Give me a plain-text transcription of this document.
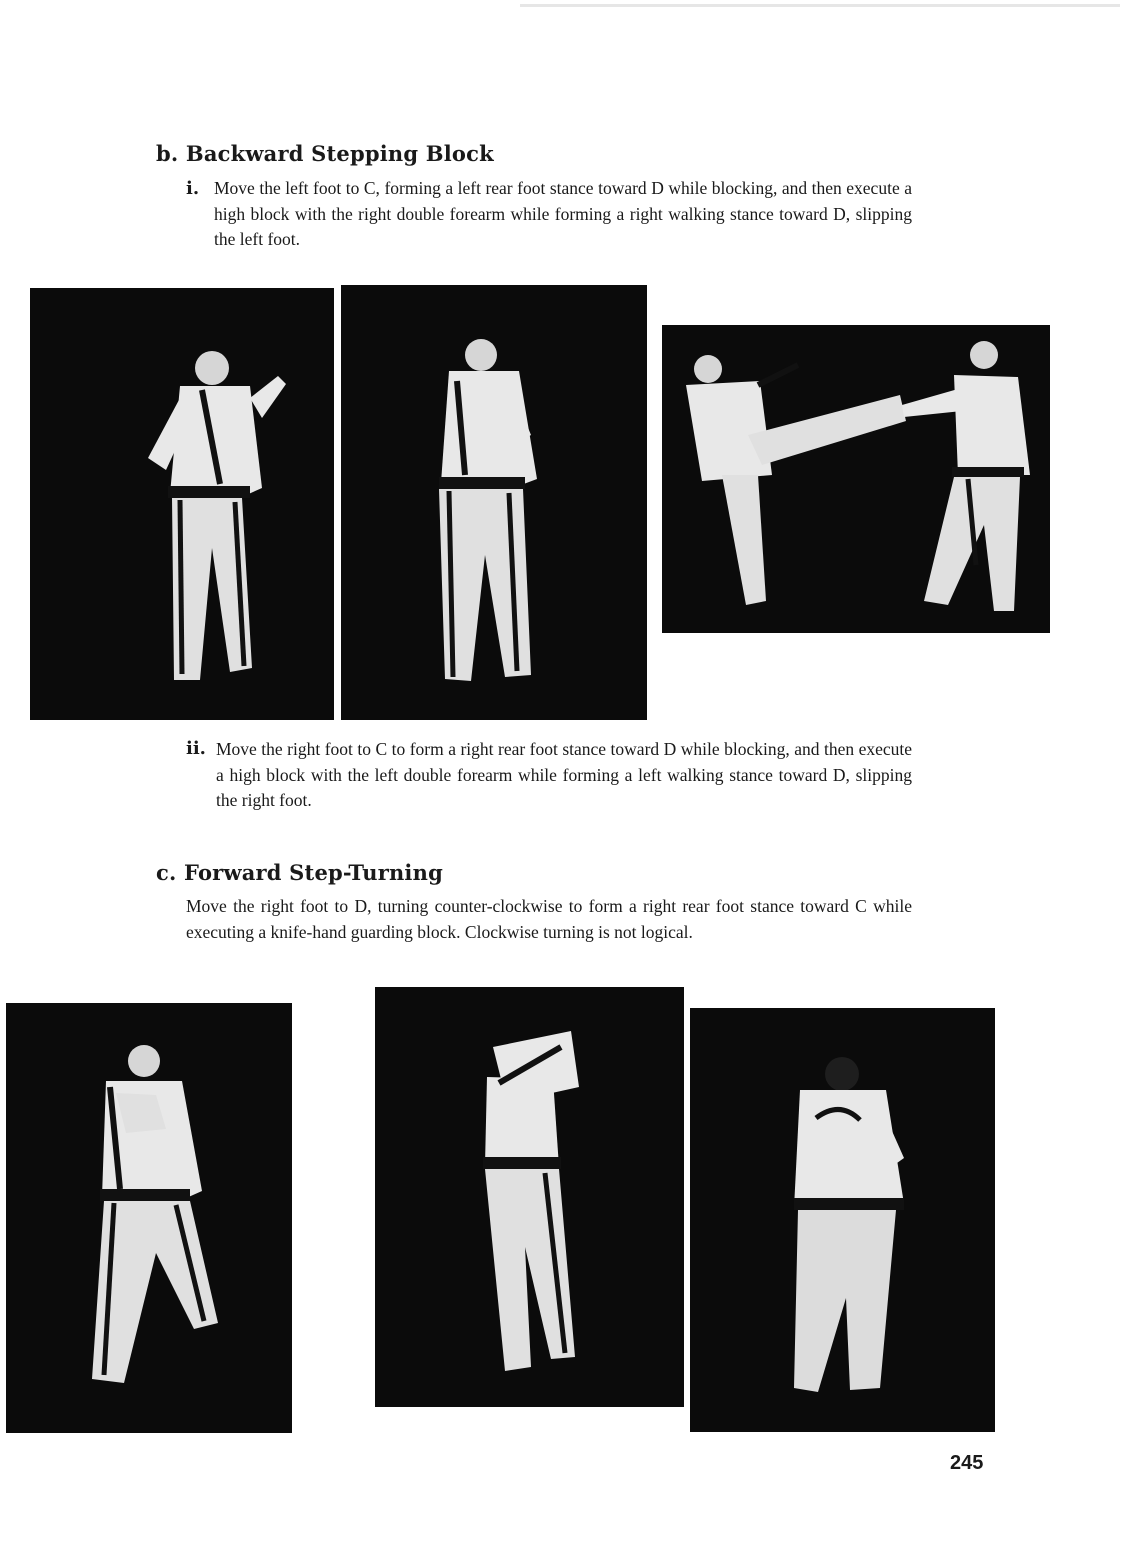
b. Backward Stepping Block
i. Move the left foot to C, forming a left rear foot stance toward D while blocking, and then execute a high block with the right double forearm while forming a right walking stance toward D, slipping the left foot.
ii. Move the right foot to C to form a right rear foot stance toward D while blocking, and then execute a high block with the left double forearm while forming a left walking stance toward D, slipping the right foot.
c. Forward Step-Turning
Move the right foot to D, turning counter-clockwise to form a right rear foot stance toward C while executing a knife-hand guarding block. Clockwise turning is not logical.
245
